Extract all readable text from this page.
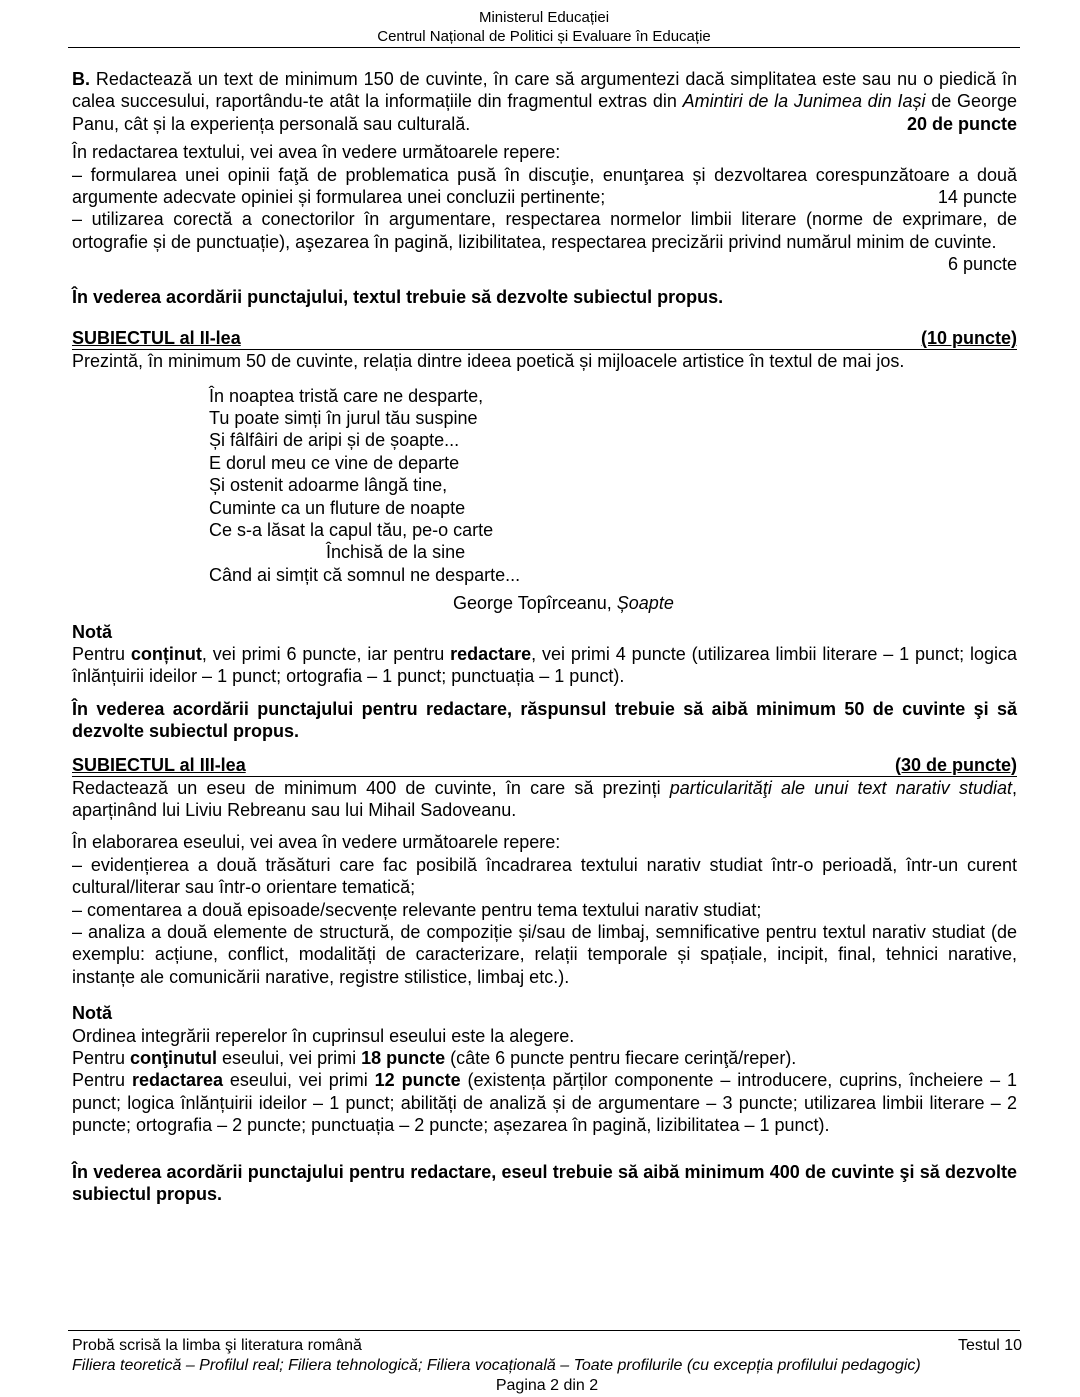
Ministerul Educației
Centrul Național de Politici și Evaluare în Educație

B. Redactează un text de minimum 150 de cuvinte, în care să argumentezi dacă simplitatea este sau nu o piedică în calea succesului, raportându-te atât la informațiile din fragmentul extras din Amintiri de la Junimea din Iași de George Panu, cât și la experiența personală sau culturală.	20 de puncte

În redactarea textului, vei avea în vedere următoarele repere:

– formularea unei opinii faţă de problematica pusă în discuţie, enunţarea și dezvoltarea corespunzătoare a două argumente adecvate opiniei și formularea unei concluzii pertinente;	14 puncte

– utilizarea corectă a conectorilor în argumentare, respectarea normelor limbii literare (norme de exprimare, de ortografie și de punctuație), aşezarea în pagină, lizibilitatea, respectarea precizării privind numărul minim de cuvinte.

6 puncte

În vederea acordării punctajului, textul trebuie să dezvolte subiectul propus.

SUBIECTUL al II-lea	(10 puncte)

Prezintă, în minimum 50 de cuvinte, relația dintre ideea poetică și mijloacele artistice în textul de mai jos.

În noaptea tristă care ne desparte,
Tu poate simți în jurul tău suspine
Și fâlfâiri de aripi și de șoapte...
E dorul meu ce vine de departe
Și ostenit adoarme lângă tine,
Cuminte ca un fluture de noapte
Ce s-a lăsat la capul tău, pe-o carte
Închisă de la sine
Când ai simțit că somnul ne desparte...

George Topîrceanu, Șoapte

Notă

Pentru conținut, vei primi 6 puncte, iar pentru redactare, vei primi 4 puncte (utilizarea limbii literare – 1 punct; logica înlănțuirii ideilor – 1 punct; ortografia – 1 punct; punctuația – 1 punct).

În vederea acordării punctajului pentru redactare, răspunsul trebuie să aibă minimum 50 de cuvinte şi să dezvolte subiectul propus.

SUBIECTUL al III-lea	(30 de puncte)

Redactează un eseu de minimum 400 de cuvinte, în care să prezinți particularităţi ale unui text narativ studiat, aparținând lui Liviu Rebreanu sau lui Mihail Sadoveanu.

În elaborarea eseului, vei avea în vedere următoarele repere:

– evidențierea a două trăsături care fac posibilă încadrarea textului narativ studiat într-o perioadă, într-un curent cultural/literar sau într-o orientare tematică;

– comentarea a două episoade/secvențe relevante pentru tema textului narativ studiat;

– analiza a două elemente de structură, de compoziție și/sau de limbaj, semnificative pentru textul narativ studiat (de exemplu: acțiune, conflict, modalități de caracterizare, relații temporale și spațiale, incipit, final, tehnici narative, instanțe ale comunicării narative, registre stilistice, limbaj etc.).

Notă

Ordinea integrării reperelor în cuprinsul eseului este la alegere.

Pentru conţinutul eseului, vei primi 18 puncte (câte 6 puncte pentru fiecare cerinţă/reper).

Pentru redactarea eseului, vei primi 12 puncte (existența părților componente – introducere, cuprins, încheiere – 1 punct; logica înlănțuirii ideilor – 1 punct; abilități de analiză și de argumentare – 3 puncte; utilizarea limbii literare – 2 puncte; ortografia – 2 puncte; punctuația – 2 puncte; așezarea în pagină, lizibilitatea – 1 punct).

În vederea acordării punctajului pentru redactare, eseul trebuie să aibă minimum 400 de cuvinte şi să dezvolte subiectul propus.

Probă scrisă la limba şi literatura română	Testul 10
Filiera teoretică – Profilul real; Filiera tehnologică; Filiera vocațională – Toate profilurile (cu excepția profilului pedagogic)
Pagina 2 din 2
